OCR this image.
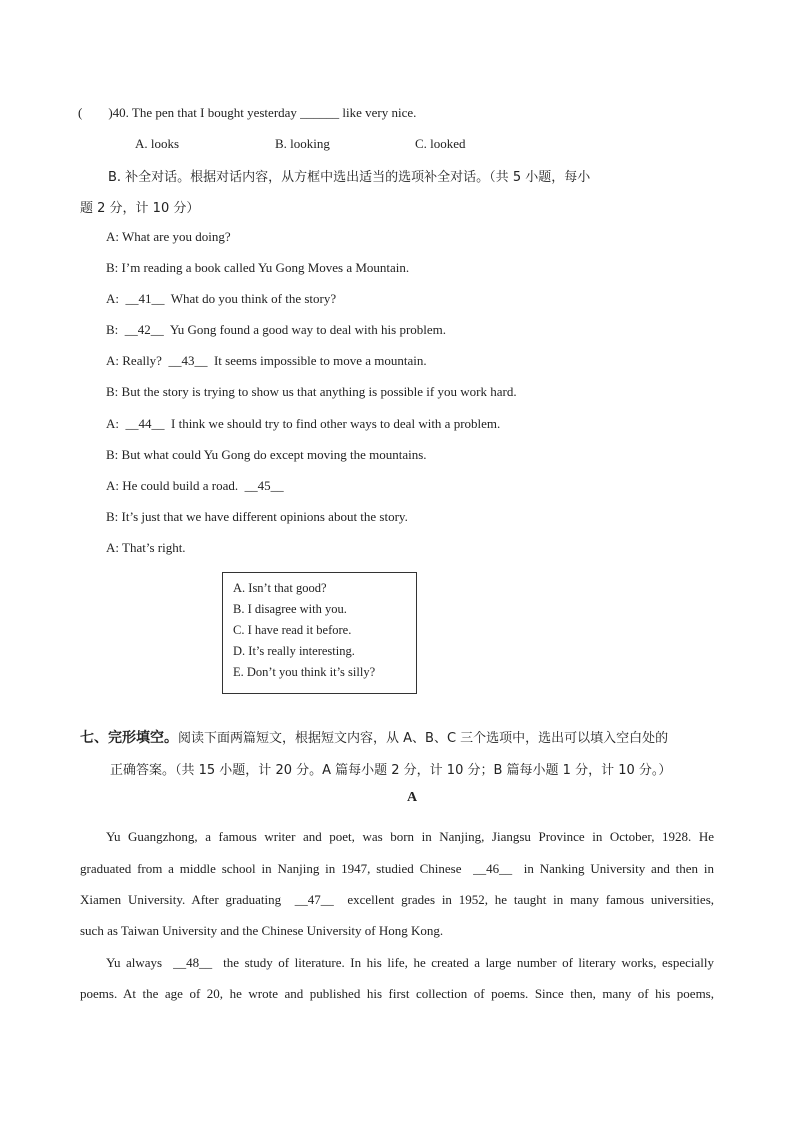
(        )40. The pen that I bought yesterday ______ like very nice.
A. looks	B. looking	C. looked
B. 补全对话。根据对话内容，从方框中选出适当的选项补全对话。（共 5 小题，每小
题 2 分，计 10 分）
A: What are you doing?
B: I’m reading a book called Yu Gong Moves a Mountain.
A:  __41__  What do you think of the story?
B:  __42__  Yu Gong found a good way to deal with his problem.
A: Really?  __43__  It seems impossible to move a mountain.
B: But the story is trying to show us that anything is possible if you work hard.
A:  __44__  I think we should try to find other ways to deal with a problem.
B: But what could Yu Gong do except moving the mountains.
A: He could build a road.  __45__
B: It’s just that we have different opinions about the story.
A: That’s right.
A. Isn’t that good?
B. I disagree with you.
C. I have read it before.
D. It’s really interesting.
E. Don’t you think it’s silly?
七、完形填空。阅读下面两篇短文，根据短文内容，从 A、B、C 三个选项中，选出可以填入空白处的
正确答案。（共 15 小题，计 20 分。A 篇每小题 2 分，计 10 分；B 篇每小题 1 分，计 10 分。）
A
Yu Guangzhong, a famous writer and poet, was born in Nanjing, Jiangsu Province in October, 1928. He
graduated from a middle school in Nanjing in 1947, studied Chinese  __46__  in Nanking University and then in
Xiamen University. After graduating  __47__  excellent grades in 1952, he taught in many famous universities,
such as Taiwan University and the Chinese University of Hong Kong.
Yu always  __48__  the study of literature. In his life, he created a large number of literary works, especially
poems. At the age of 20, he wrote and published his first collection of poems. Since then, many of his poems,
